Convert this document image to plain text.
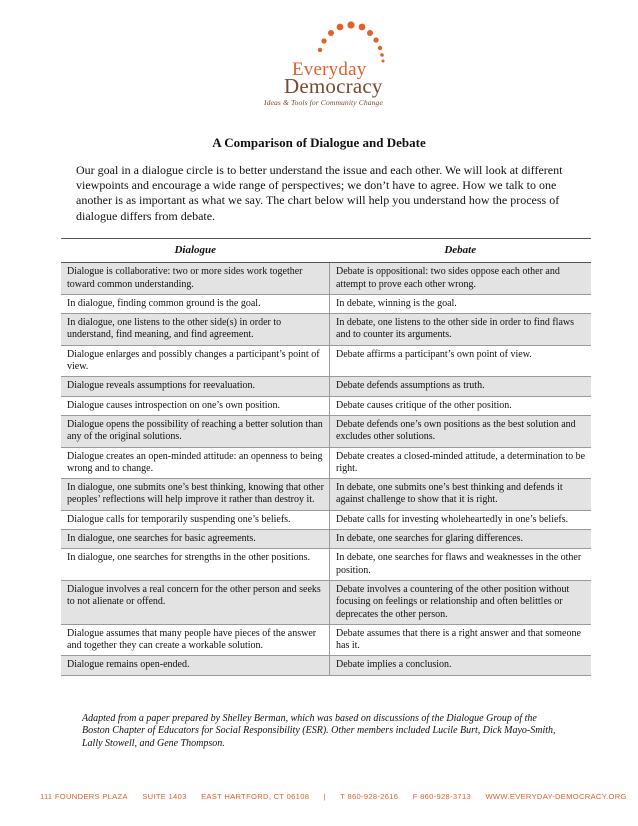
Everyday
Democracy
Ideas & Tools for Community Change
A Comparison of Dialogue and Debate
Our goal in a dialogue circle is to better understand the issue and each other. We will look at different viewpoints and encourage a wide range of perspectives; we don’t have to agree. How we talk to one another is as important as what we say. The chart below will help you understand how the process of dialogue differs from debate.
Dialogue	Debate
Dialogue is collaborative: two or more sides work together toward common understanding.	Debate is oppositional: two sides oppose each other and attempt to prove each other wrong.
In dialogue, finding common ground is the goal.	In debate, winning is the goal.
In dialogue, one listens to the other side(s) in order to understand, find meaning, and find agreement.	In debate, one listens to the other side in order to find flaws and to counter its arguments.
Dialogue enlarges and possibly changes a participant’s point of view.	Debate affirms a participant’s own point of view.
Dialogue reveals assumptions for reevaluation.	Debate defends assumptions as truth.
Dialogue causes introspection on one’s own position.	Debate causes critique of the other position.
Dialogue opens the possibility of reaching a better solution than any of the original solutions.	Debate defends one’s own positions as the best solution and excludes other solutions.
Dialogue creates an open-minded attitude: an openness to being wrong and to change.	Debate creates a closed-minded attitude, a determination to be right.
In dialogue, one submits one’s best thinking, knowing that other peoples’ reflections will help improve it rather than destroy it.	In debate, one submits one’s best thinking and defends it against challenge to show that it is right.
Dialogue calls for temporarily suspending one’s beliefs.	Debate calls for investing wholeheartedly in one’s beliefs.
In dialogue, one searches for basic agreements.	In debate, one searches for glaring differences.
In dialogue, one searches for strengths in the other positions.	In debate, one searches for flaws and weaknesses in the other position.
Dialogue involves a real concern for the other person and seeks to not alienate or offend.	Debate involves a countering of the other position without focusing on feelings or relationship and often belittles or deprecates the other person.
Dialogue assumes that many people have pieces of the answer and together they can create a workable solution.	Debate assumes that there is a right answer and that someone has it.
Dialogue remains open-ended.	Debate implies a conclusion.
Adapted from a paper prepared by Shelley Berman, which was based on discussions of the Dialogue Group of the Boston Chapter of Educators for Social Responsibility (ESR). Other members included Lucile Burt, Dick Mayo-Smith, Lally Stowell, and Gene Thompson.
111 FOUNDERS PLAZA SUITE 1403 EAST HARTFORD, CT 06108 | T 860-928-2616 F 860-928-3713 WWW.EVERYDAY-DEMOCRACY.ORG
